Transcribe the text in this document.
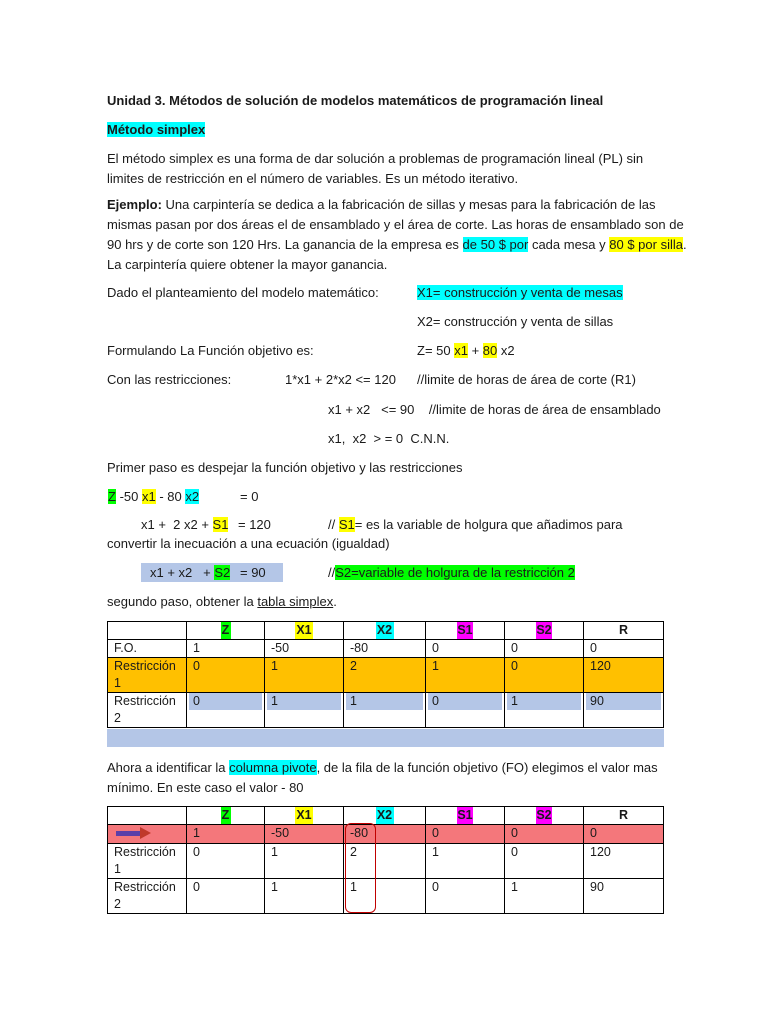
Unidad 3. Métodos de solución de modelos matemáticos de programación lineal
Método simplex
El método simplex es una forma de dar solución a problemas de programación lineal (PL) sin
limites de restricción en el número de variables. Es un método iterativo.
Ejemplo: Una carpintería se dedica a la fabricación de sillas y mesas para la fabricación de las
mismas pasan por dos áreas el de ensamblado y el área de corte. Las horas de ensamblado son de
90 hrs y de corte son 120 Hrs. La ganancia de la empresa es de 50 $ por cada mesa y 80 $ por silla.
La carpintería quiere obtener la mayor ganancia.
Dado el planteamiento del modelo matemático:	X1= construcción y venta de mesas
X2= construcción y venta de sillas
Formulando La Función objetivo es:	Z= 50 x1 + 80 x2
Con las restricciones:	1*x1 + 2*x2 <= 120 //limite de horas de área de corte (R1)
x1 + x2   <= 90    //limite de horas de área de ensamblado
x1,  x2  > = 0  C.N.N.
Primer paso es despejar la función objetivo y las restricciones
Z -50 x1 - 80 x2	= 0
x1 +  2 x2 + S1 = 120	// S1= es la variable de holgura que añadimos para
convertir la inecuación a una ecuación (igualdad)
x1 + x2   + S2 = 90	//S2=variable de holgura de la restricción 2
segundo paso, obtener la tabla simplex.

	Z	X1	X2	S1	S2	R

F.O.	1	-50	-80	0	0	0
Restricción 1	0	1	2	1	0	120
Restricción 2	0	1	1	0	1	90
Ahora a identificar la columna pivote, de la fila de la función objetivo (FO) elegimos el valor mas
mínimo. En este caso el valor - 80

	Z	X1	X2	S1	S2	R

	1	-50	-80	0	0	0
Restricción 1	0	1	2	1	0	120
Restricción 2	0	1	1	0	1	90
